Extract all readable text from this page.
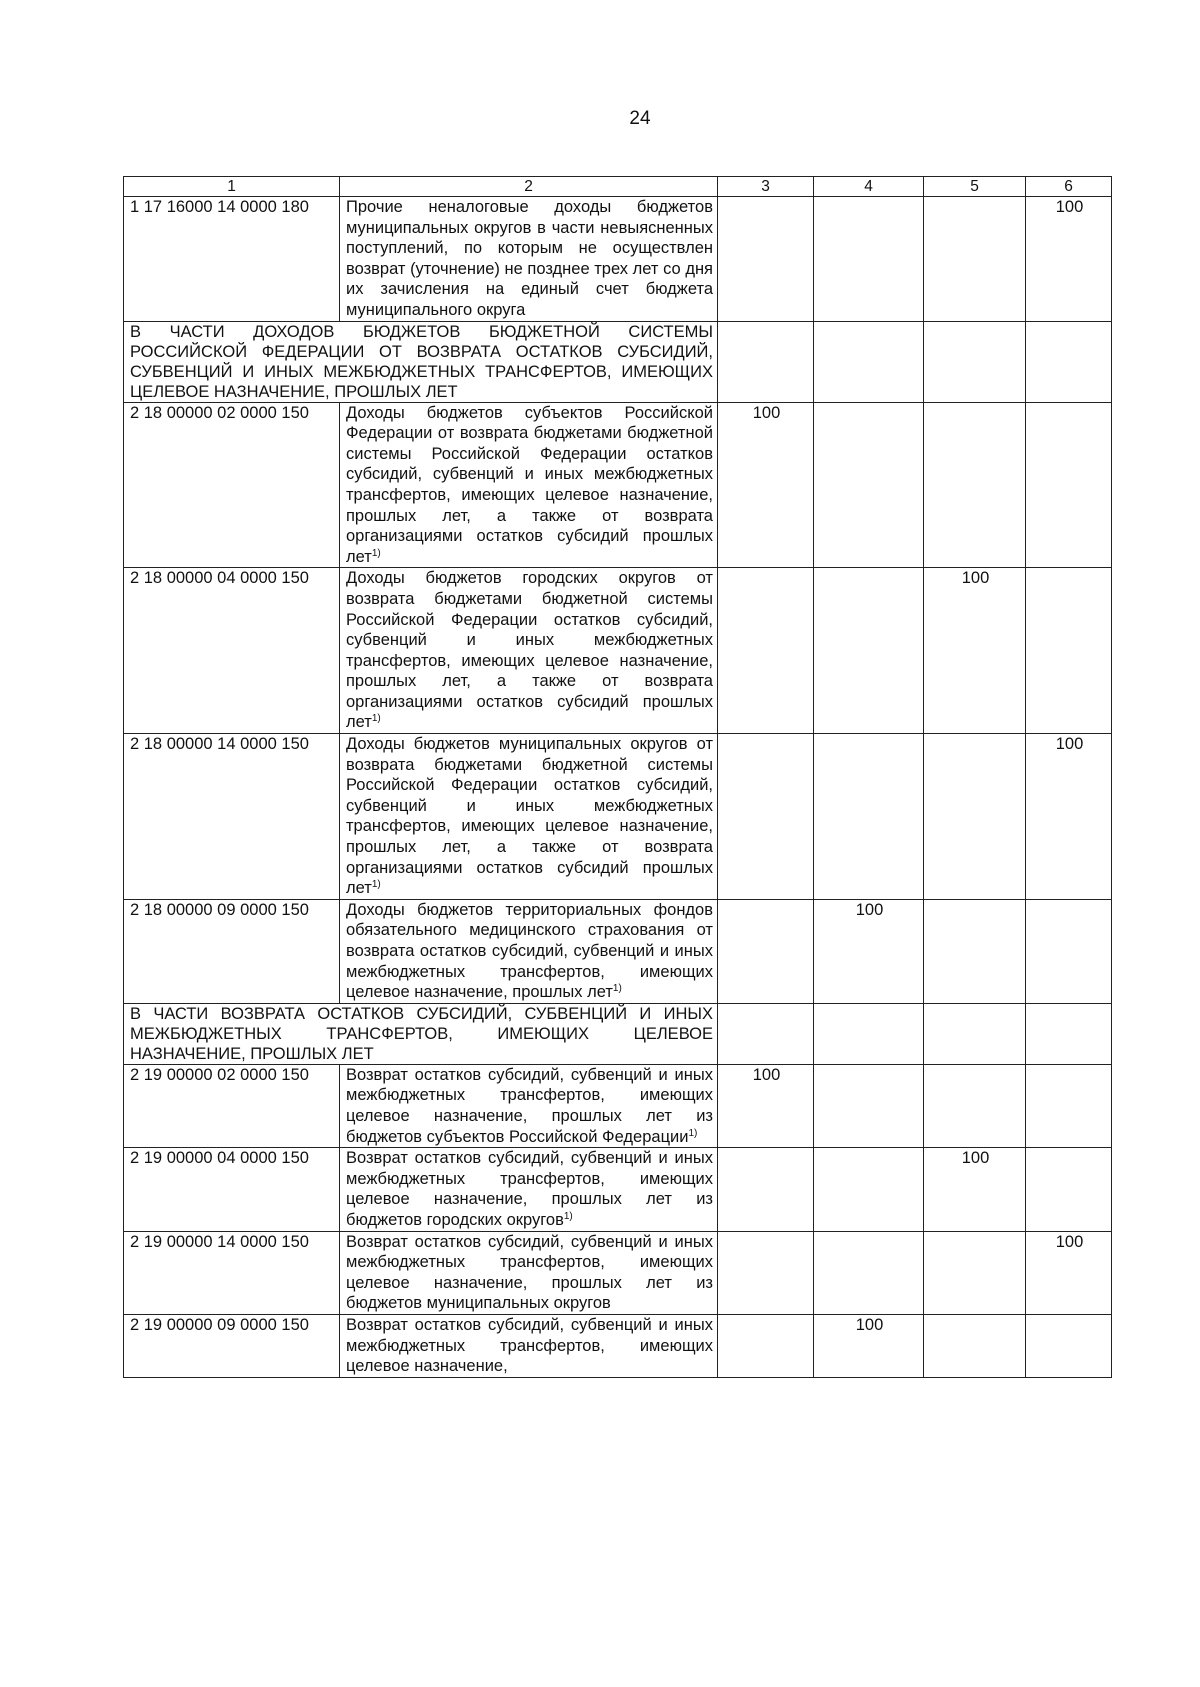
24
1	2	3	4	5	6
1 17 16000 14 0000 180	Прочие неналоговые доходы бюджетов муниципальных округов в части невыясненных поступлений, по которым не осуществлен возврат (уточнение) не позднее трех лет со дня их зачисления на единый счет бюджета муниципального округа				100
В ЧАСТИ ДОХОДОВ БЮДЖЕТОВ БЮДЖЕТНОЙ СИСТЕМЫ РОССИЙСКОЙ ФЕДЕРАЦИИ ОТ ВОЗВРАТА ОСТАТКОВ СУБСИДИЙ, СУБВЕНЦИЙ И ИНЫХ МЕЖБЮДЖЕТНЫХ ТРАНСФЕРТОВ, ИМЕЮЩИХ ЦЕЛЕВОЕ НАЗНАЧЕНИЕ, ПРОШЛЫХ ЛЕТ					
2 18 00000 02 0000 150	Доходы бюджетов субъектов Российской Федерации от возврата бюджетами бюджетной системы Российской Федерации остатков субсидий, субвенций и иных межбюджетных трансфертов, имеющих целевое назначение, прошлых лет, а также от возврата организациями остатков субсидий прошлых лет$^{1)}$	100			
2 18 00000 04 0000 150	Доходы бюджетов городских округов от возврата бюджетами бюджетной системы Российской Федерации остатков субсидий, субвенций и иных межбюджетных трансфертов, имеющих целевое назначение, прошлых лет, а также от возврата организациями остатков субсидий прошлых лет$^{1)}$			100	
2 18 00000 14 0000 150	Доходы бюджетов муниципальных округов от возврата бюджетами бюджетной системы Российской Федерации остатков субсидий, субвенций и иных межбюджетных трансфертов, имеющих целевое назначение, прошлых лет, а также от возврата организациями остатков субсидий прошлых лет$^{1)}$				100
2 18 00000 09 0000 150	Доходы бюджетов территориальных фондов обязательного медицинского страхования от возврата остатков субсидий, субвенций и иных межбюджетных трансфертов, имеющих целевое назначение, прошлых лет$^{1)}$		100		
В ЧАСТИ ВОЗВРАТА ОСТАТКОВ СУБСИДИЙ, СУБВЕНЦИЙ И ИНЫХ МЕЖБЮДЖЕТНЫХ ТРАНСФЕРТОВ, ИМЕЮЩИХ ЦЕЛЕВОЕ НАЗНАЧЕНИЕ, ПРОШЛЫХ ЛЕТ					
2 19 00000 02 0000 150	Возврат остатков субсидий, субвенций и иных межбюджетных трансфертов, имеющих целевое назначение, прошлых лет из бюджетов субъектов Российской Федерации$^{1)}$	100			
2 19 00000 04 0000 150	Возврат остатков субсидий, субвенций и иных межбюджетных трансфертов, имеющих целевое назначение, прошлых лет из бюджетов городских округов$^{1)}$			100	
2 19 00000 14 0000 150	Возврат остатков субсидий, субвенций и иных межбюджетных трансфертов, имеющих целевое назначение, прошлых лет из бюджетов муниципальных округов				100
2 19 00000 09 0000 150	Возврат остатков субсидий, субвенций и иных межбюджетных трансфертов, имеющих целевое назначение,		100		
